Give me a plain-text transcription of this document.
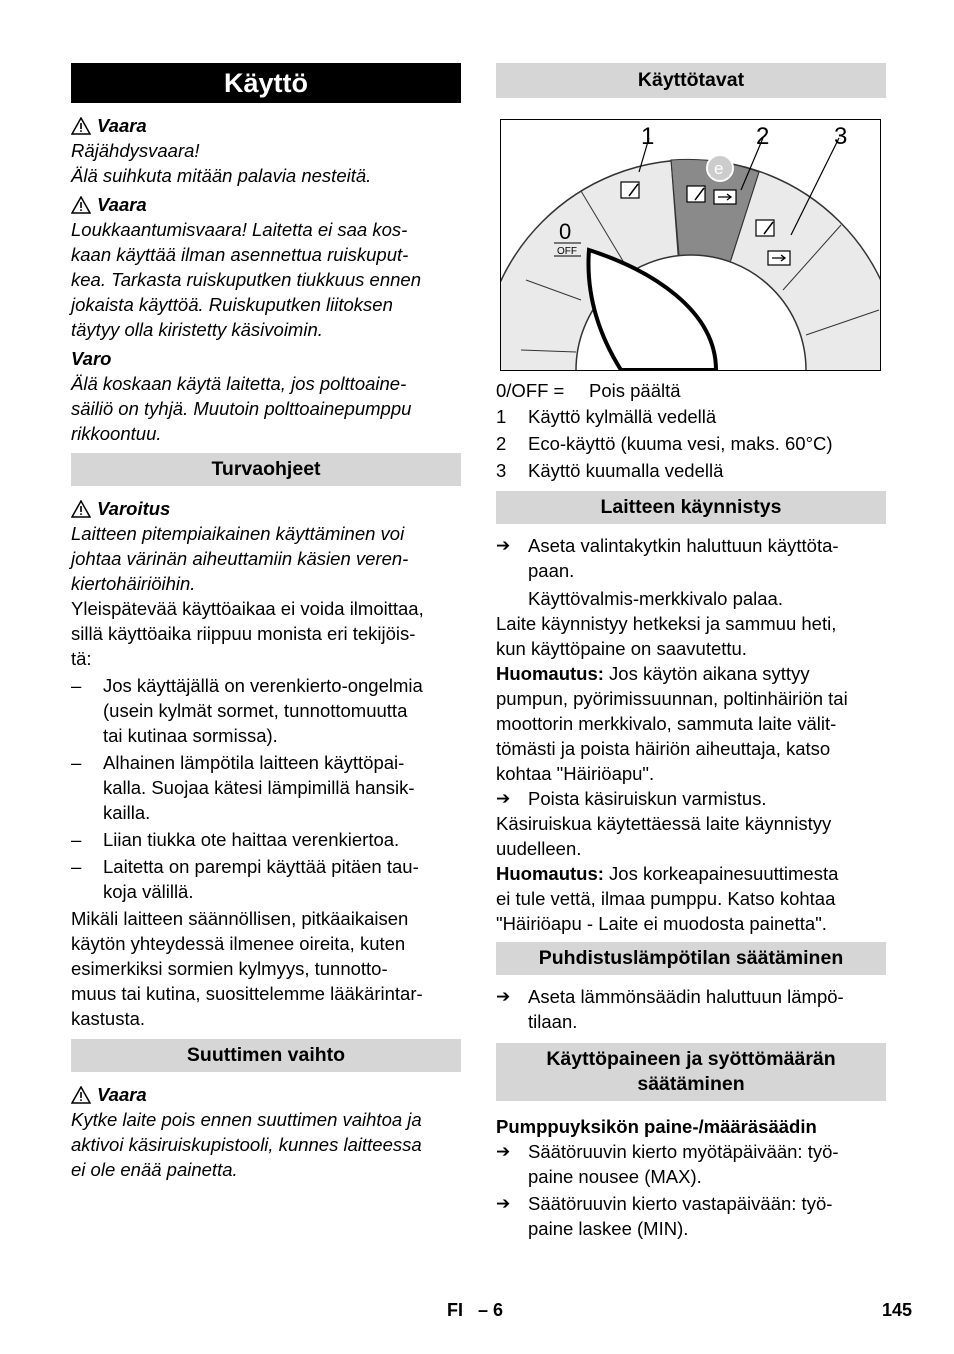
Käyttö
Vaara

Räjähdysvaara!

Älä suihkuta mitään palavia nesteitä.

Vaara

Loukkaantumisvaara! Laitetta ei saa kos-

kaan käyttää ilman asennettua ruiskuput-

kea. Tarkasta ruiskuputken tiukkuus ennen

jokaista käyttöä. Ruiskuputken liitoksen

täytyy olla kiristetty käsivoimin.

Varo

Älä koskaan käytä laitetta, jos polttoaine-

säiliö on tyhjä. Muutoin polttoainepumppu

rikkoontuu.

Turvaohjeet
Varoitus

Laitteen pitempiaikainen käyttäminen voi

johtaa värinän aiheuttamiin käsien veren-

kiertohäiriöihin.

Yleispätevää käyttöaikaa ei voida ilmoittaa,

sillä käyttöaika riippuu monista eri tekijöis-

tä:

–	Jos käyttäjällä on verenkierto-ongelmia

(usein kylmät sormet, tunnottomuutta

tai kutinaa sormissa).

–	Alhainen lämpötila laitteen käyttöpai-

kalla. Suojaa kätesi lämpimillä hansik-

kailla.

–	Liian tiukka ote haittaa verenkiertoa.

–	Laitetta on parempi käyttää pitäen tau-

koja välillä.

Mikäli laitteen säännöllisen, pitkäaikaisen

käytön yhteydessä ilmenee oireita, kuten

esimerkiksi sormien kylmyys, tunnotto-

muus tai kutina, suosittelemme lääkärintar-

kastusta.

Suuttimen vaihto
Vaara

Kytke laite pois ennen suuttimen vaihtoa ja

aktivoi käsiruiskupistooli, kunnes laitteessa

ei ole enää painetta.

Käyttötavat
1	2	3
0
OFF
e
0/OFF =	Pois päältä
1	Käyttö kylmällä vedellä
2	Eco-käyttö (kuuma vesi, maks. 60°C)
3	Käyttö kuumalla vedellä
Laitteen käynnistys
➔ Aseta valintakytkin haluttuun käyttöta-

paan.

Käyttövalmis-merkkivalo palaa.

Laite käynnistyy hetkeksi ja sammuu heti,

kun käyttöpaine on saavutettu.

Huomautus: Jos käytön aikana syttyy

pumpun, pyörimissuunnan, poltinhäiriön tai

moottorin merkkivalo, sammuta laite välit-

tömästi ja poista häiriön aiheuttaja, katso

kohtaa "Häiriöapu".

➔ Poista käsiruiskun varmistus.

Käsiruiskua käytettäessä laite käynnistyy

uudelleen.

Huomautus: Jos korkeapainesuuttimesta

ei tule vettä, ilmaa pumppu. Katso kohtaa

"Häiriöapu - Laite ei muodosta painetta".

Puhdistuslämpötilan säätäminen
➔ Aseta lämmönsäädin haluttuun lämpö-

tilaan.

Käyttöpaineen ja syöttömäärän
säätäminen

Pumppuyksikön paine-/määräsäädin

➔ Säätöruuvin kierto myötäpäivään: työ-

paine nousee (MAX).

➔ Säätöruuvin kierto vastapäivään: työ-

paine laskee (MIN).

FI – 6	145
